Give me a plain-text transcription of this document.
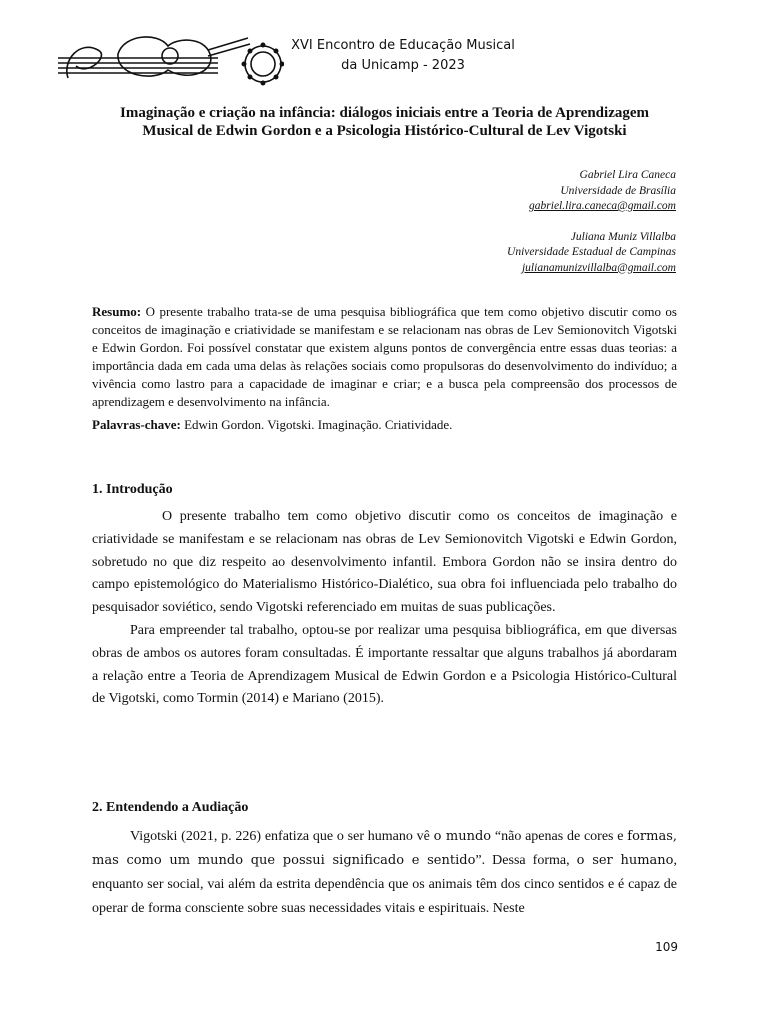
XVI Encontro de Educação Musical
da Unicamp - 2023
Imaginação e criação na infância: diálogos iniciais entre a Teoria de Aprendizagem
Musical de Edwin Gordon e a Psicologia Histórico-Cultural de Lev Vigotski
Gabriel Lira Caneca
Universidade de Brasília
gabriel.lira.caneca@gmail.com
Juliana Muniz Villalba
Universidade Estadual de Campinas
julianamunizvillalba@gmail.com
Resumo: O presente trabalho trata-se de uma pesquisa bibliográfica que tem como objetivo discutir como os conceitos de imaginação e criatividade se manifestam e se relacionam nas obras de Lev Semionovitch Vigotski e Edwin Gordon. Foi possível constatar que existem alguns pontos de convergência entre essas duas teorias: a importância dada em cada uma delas às relações sociais como propulsoras do desenvolvimento do indivíduo; a vivência como lastro para a capacidade de imaginar e criar; e a busca pela compreensão dos processos de aprendizagem e desenvolvimento na infância.
Palavras-chave: Edwin Gordon. Vigotski. Imaginação. Criatividade.
1. Introdução

O presente trabalho tem como objetivo discutir como os conceitos de imaginação e criatividade se manifestam e se relacionam nas obras de Lev Semionovitch Vigotski e Edwin Gordon, sobretudo no que diz respeito ao desenvolvimento infantil. Embora Gordon não se insira dentro do campo epistemológico do Materialismo Histórico-Dialético, sua obra foi influenciada pelo trabalho do pesquisador soviético, sendo Vigotski referenciado em muitas de suas publicações.

Para empreender tal trabalho, optou-se por realizar uma pesquisa bibliográfica, em que diversas obras de ambos os autores foram consultadas. É importante ressaltar que alguns trabalhos já abordaram a relação entre a Teoria de Aprendizagem Musical de Edwin Gordon e a Psicologia Histórico-Cultural de Vigotski, como Tormin (2014) e Mariano (2015).

2. Entendendo a Audiação

Vigotski (2021, p. 226) enfatiza que o ser humano vê o mundo “não apenas de cores e formas, mas como um mundo que possui significado e sentido”. Dessa forma, o ser humano, enquanto ser social, vai além da estrita dependência que os animais têm dos cinco sentidos e é capaz de operar de forma consciente sobre suas necessidades vitais e espirituais. Neste

109
